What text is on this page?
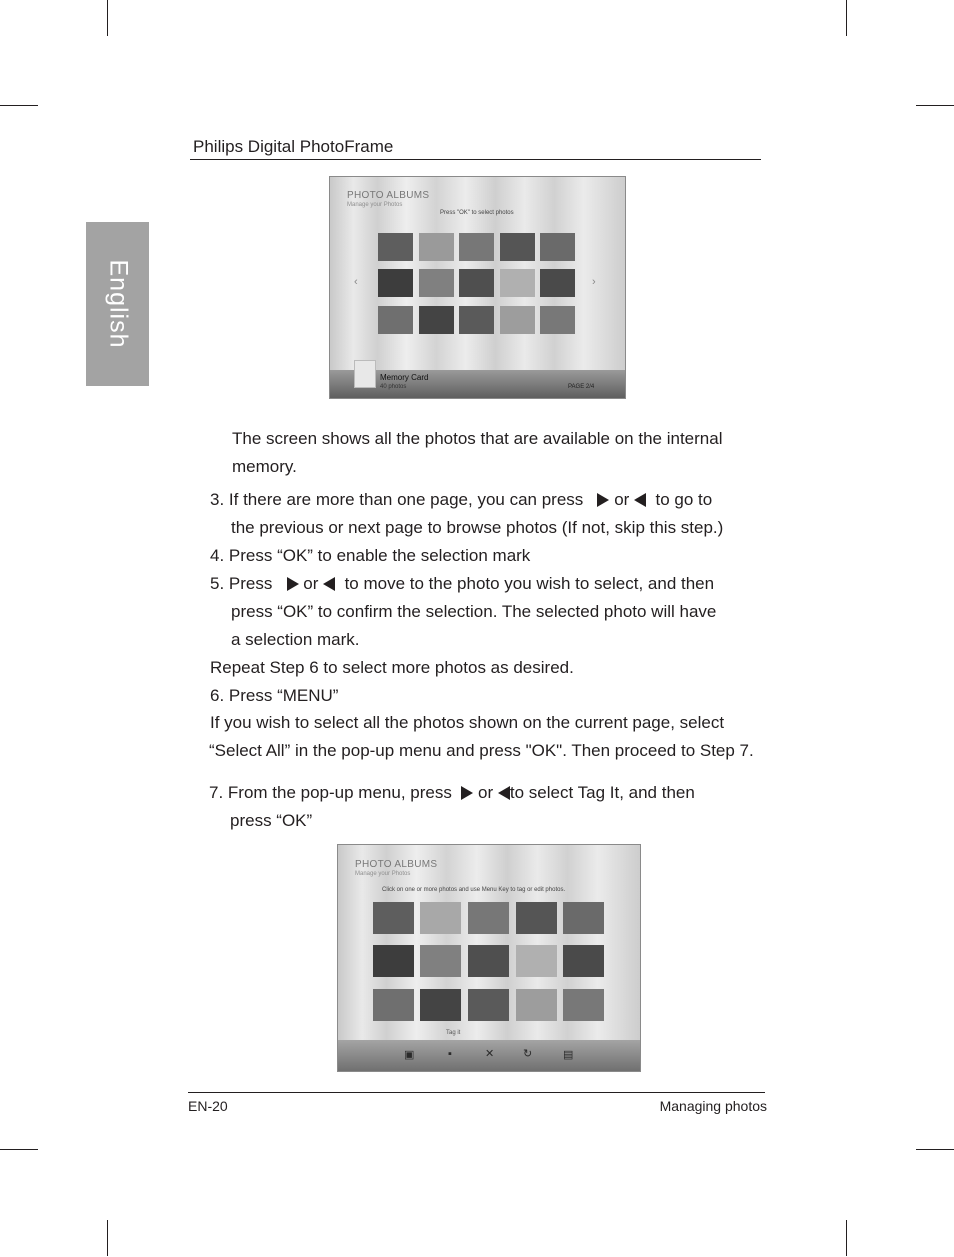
Philips Digital PhotoFrame
English
PHOTO ALBUMS
Manage your Photos
Press "OK" to select photos
‹	›
Memory Card
40 photos	PAGE 2/4
The screen shows all the photos that are available on the internal
memory.
3. If there are more than one page, you can press or to go to
the previous or next page to browse photos (If not, skip this step.)
4. Press “OK” to enable the selection mark
5. Press or to move to the photo you wish to select, and then
press “OK” to confirm the selection. The selected photo will have
a selection mark.
Repeat Step 6 to select more photos as desired.
6. Press “MENU”
If you wish to select all the photos shown on the current page, select
“Select All” in the pop-up menu and press "OK". Then proceed to Step 7.
7. From the pop-up menu, press or to select Tag It, and then
press “OK”
PHOTO ALBUMS
Manage your Photos
Click on one or more photos and use Menu Key to tag or edit photos.
Tag it
▣	▪	✕	↻	▤
EN-20	Managing photos
